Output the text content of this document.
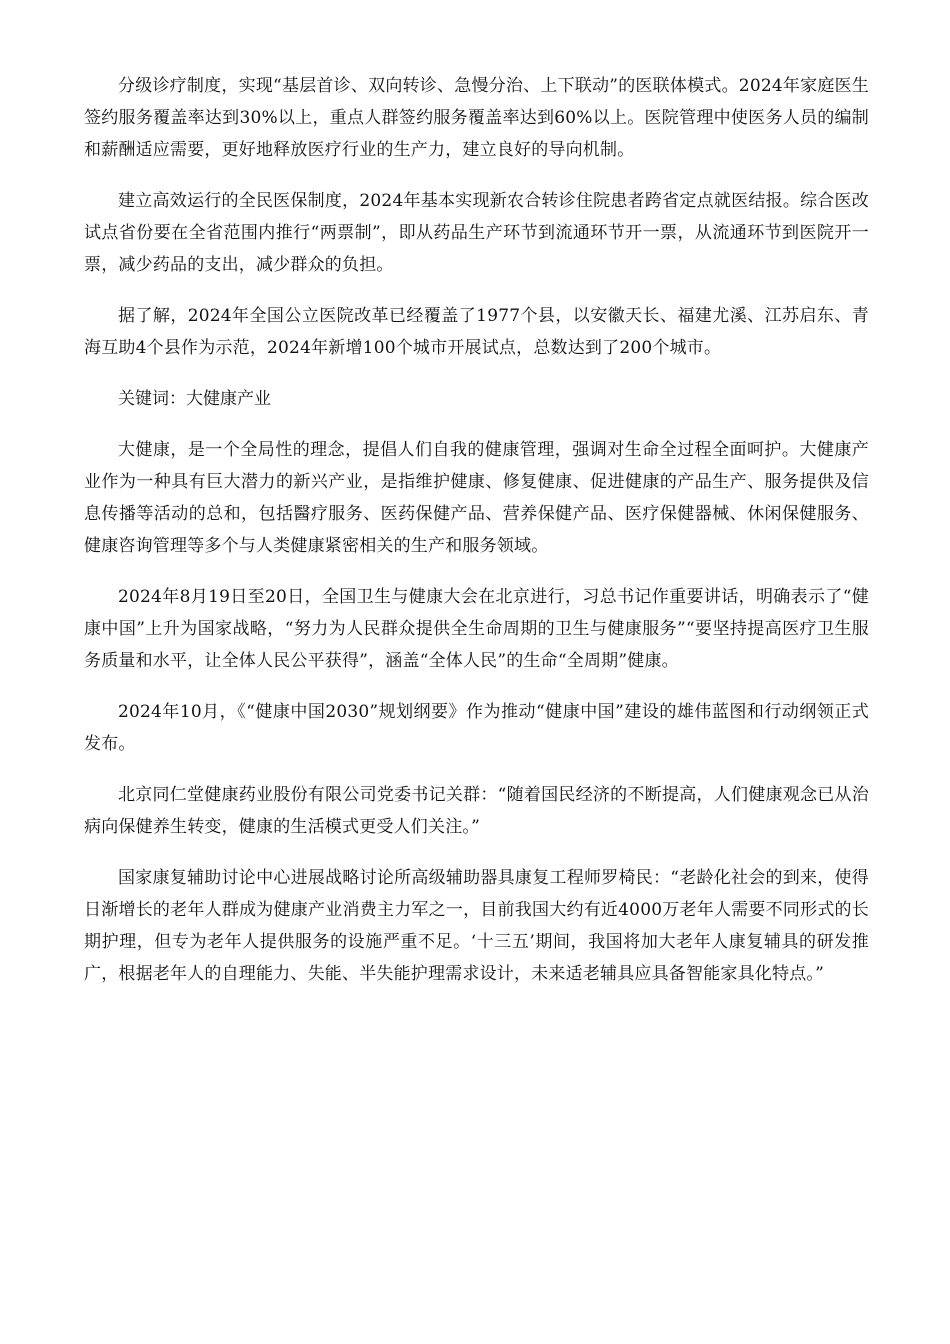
分级诊疗制度，实现“基层首诊、双向转诊、急慢分治、上下联动”的医联体模式。2024年家庭医生签约服务覆盖率达到30%以上，重点人群签约服务覆盖率达到60%以上。医院管理中使医务人员的编制和薪酬适应需要，更好地释放医疗行业的生产力，建立良好的导向机制。

建立高效运行的全民医保制度，2024年基本实现新农合转诊住院患者跨省定点就医结报。综合医改试点省份要在全省范围内推行“两票制”，即从药品生产环节到流通环节开一票，从流通环节到医院开一票，减少药品的支出，减少群众的负担。

据了解，2024年全国公立医院改革已经覆盖了1977个县，以安徽天长、福建尤溪、江苏启东、青海互助4个县作为示范，2024年新增100个城市开展试点，总数达到了200个城市。

关键词：大健康产业

大健康，是一个全局性的理念，提倡人们自我的健康管理，强调对生命全过程全面呵护。大健康产业作为一种具有巨大潜力的新兴产业，是指维护健康、修复健康、促进健康的产品生产、服务提供及信息传播等活动的总和，包括醫疗服务、医药保健产品、营养保健产品、医疗保健器械、休闲保健服务、健康咨询管理等多个与人类健康紧密相关的生产和服务领域。

2024年8月19日至20日，全国卫生与健康大会在北京进行，习总书记作重要讲话，明确表示了“健康中国”上升为国家战略，“努力为人民群众提供全生命周期的卫生与健康服务”“要坚持提高医疗卫生服务质量和水平，让全体人民公平获得”，涵盖“全体人民”的生命“全周期”健康。

2024年10月，《“健康中国2030”规划纲要》作为推动“健康中国”建设的雄伟蓝图和行动纲领正式发布。

北京同仁堂健康药业股份有限公司党委书记关群：“随着国民经济的不断提高，人们健康观念已从治病向保健养生转变，健康的生活模式更受人们关注。”

国家康复辅助讨论中心进展战略讨论所高级辅助器具康复工程师罗椅民：“老龄化社会的到来，使得日渐增长的老年人群成为健康产业消费主力军之一，目前我国大约有近4000万老年人需要不同形式的长期护理，但专为老年人提供服务的设施严重不足。‘十三五’期间，我国将加大老年人康复辅具的研发推广，根据老年人的自理能力、失能、半失能护理需求设计，未来适老辅具应具备智能家具化特点。”
